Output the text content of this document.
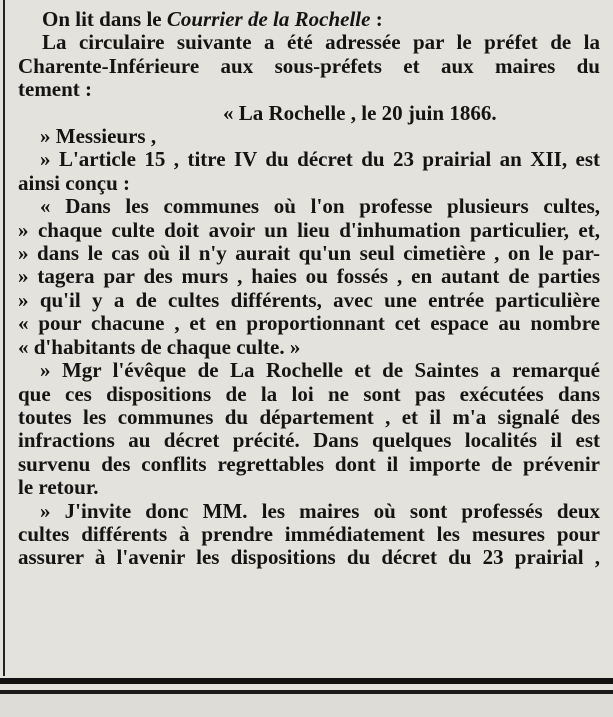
On lit dans le Courrier de la Rochelle :
La circulaire suivante a été adressée par le préfet de la
Charente-Inférieure aux sous-préfets et aux maires du
tement :
« La Rochelle , le 20 juin 1866.
» Messieurs ,
» L'article 15 , titre IV du décret du 23 prairial an XII, est
ainsi conçu :
« Dans les communes où l'on professe plusieurs cultes,
» chaque culte doit avoir un lieu d'inhumation particulier, et,
» dans le cas où il n'y aurait qu'un seul cimetière , on le par-
» tagera par des murs , haies ou fossés , en autant de parties
» qu'il y a de cultes différents, avec une entrée particulière
« pour chacune , et en proportionnant cet espace au nombre
« d'habitants de chaque culte. »
» Mgr l'évêque de La Rochelle et de Saintes a remarqué
que ces dispositions de la loi ne sont pas exécutées dans
toutes les communes du département , et il m'a signalé des
infractions au décret précité. Dans quelques localités il est
survenu des conflits regrettables dont il importe de prévenir
le retour.
» J'invite donc MM. les maires où sont professés deux
cultes différents à prendre immédiatement les mesures pour
assurer à l'avenir les dispositions du décret du 23 prairial ,
